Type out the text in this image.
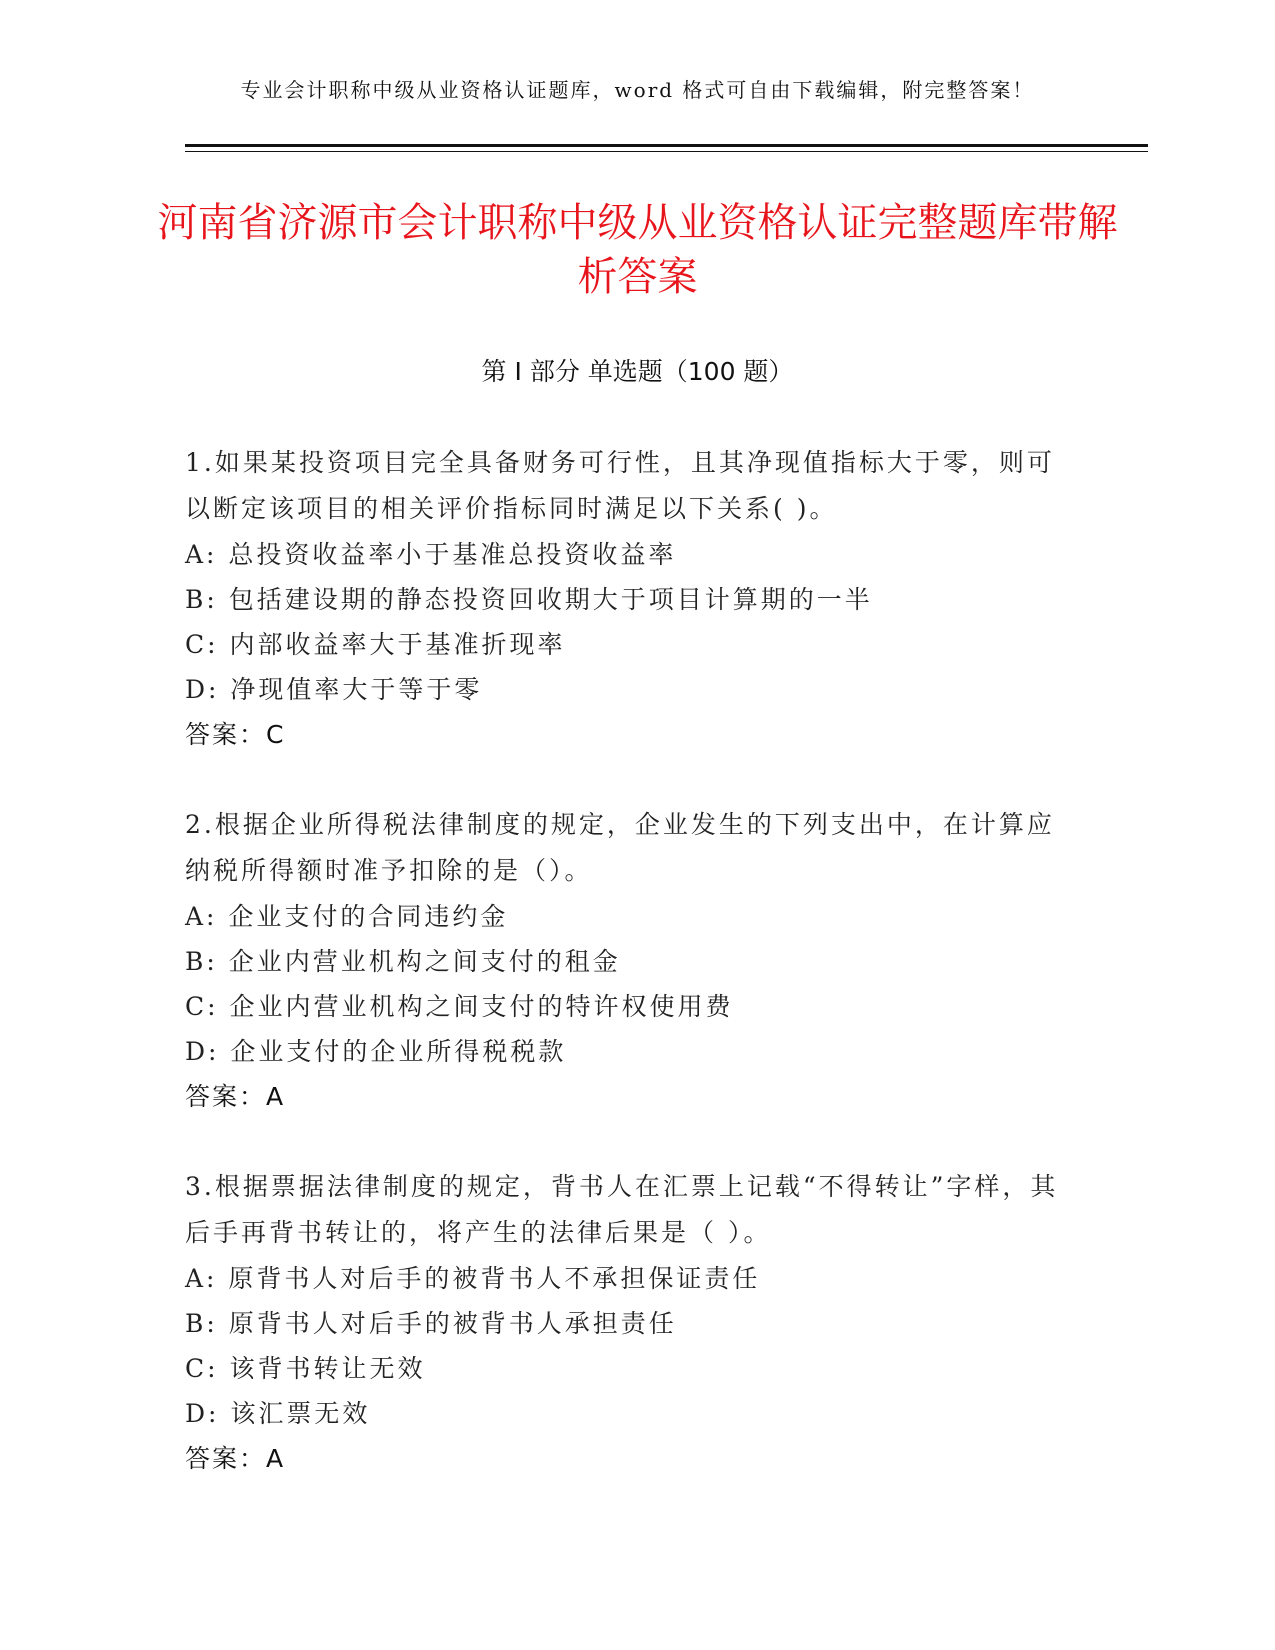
专业会计职称中级从业资格认证题库，word 格式可自由下载编辑，附完整答案！
河南省济源市会计职称中级从业资格认证完整题库带解析答案
第 I 部分 单选题（100 题）
1.如果某投资项目完全具备财务可行性，且其净现值指标大于零，则可以断定该项目的相关评价指标同时满足以下关系( )。
A: 总投资收益率小于基准总投资收益率
B: 包括建设期的静态投资回收期大于项目计算期的一半
C: 内部收益率大于基准折现率
D: 净现值率大于等于零
答案：C
2.根据企业所得税法律制度的规定，企业发生的下列支出中，在计算应纳税所得额时准予扣除的是（）。
A: 企业支付的合同违约金
B: 企业内营业机构之间支付的租金
C: 企业内营业机构之间支付的特许权使用费
D: 企业支付的企业所得税税款
答案：A
3.根据票据法律制度的规定，背书人在汇票上记载“不得转让”字样，其后手再背书转让的，将产生的法律后果是（ ）。
A: 原背书人对后手的被背书人不承担保证责任
B: 原背书人对后手的被背书人承担责任
C: 该背书转让无效
D: 该汇票无效
答案：A
